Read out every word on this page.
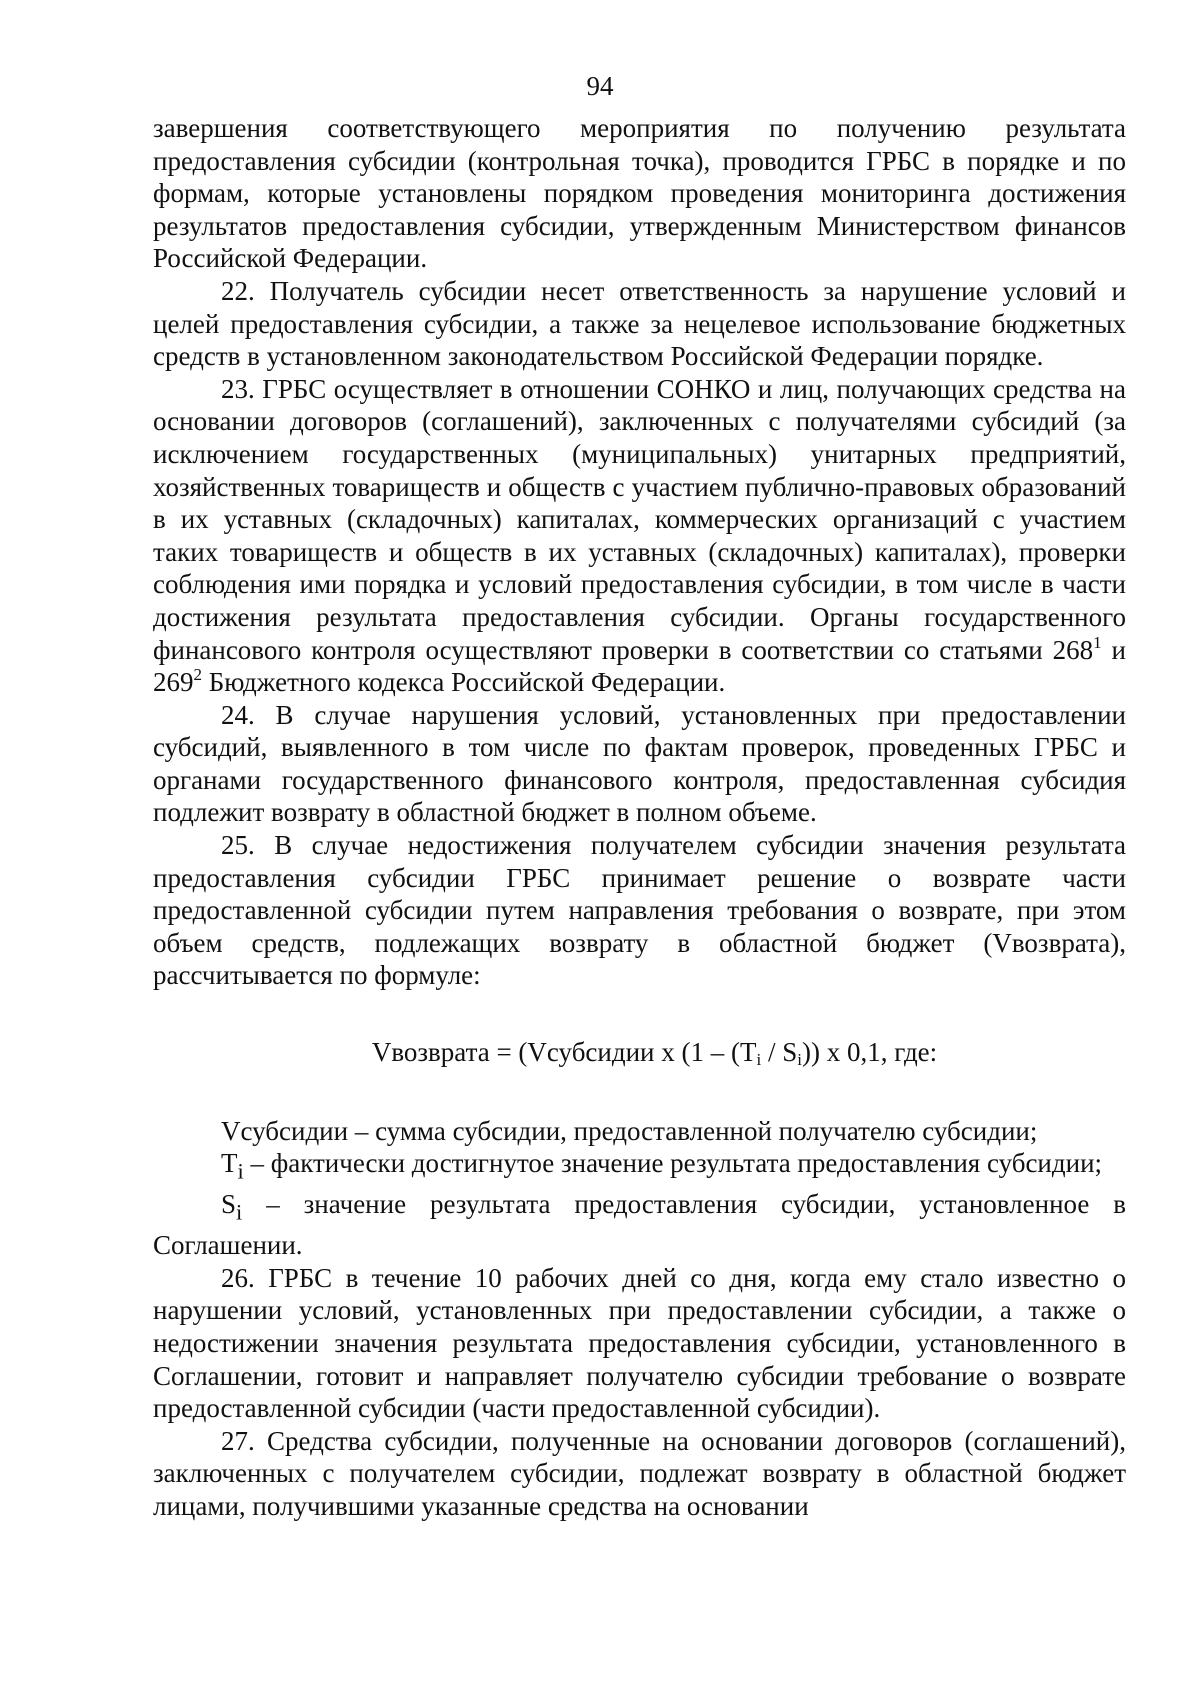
94

завершения соответствующего мероприятия по получению результата предоставления субсидии (контрольная точка), проводится ГРБС в порядке и по формам, которые установлены порядком проведения мониторинга достижения результатов предоставления субсидии, утвержденным Министерством финансов Российской Федерации.

22. Получатель субсидии несет ответственность за нарушение условий и целей предоставления субсидии, а также за нецелевое использование бюджетных средств в установленном законодательством Российской Федерации порядке.

23. ГРБС осуществляет в отношении СОНКО и лиц, получающих средства на основании договоров (соглашений), заключенных с получателями субсидий (за исключением государственных (муниципальных) унитарных предприятий, хозяйственных товариществ и обществ с участием публично-правовых образований в их уставных (складочных) капиталах, коммерческих организаций с участием таких товариществ и обществ в их уставных (складочных) капиталах), проверки соблюдения ими порядка и условий предоставления субсидии, в том числе в части достижения результата предоставления субсидии. Органы государственного финансового контроля осуществляют проверки в соответствии со статьями $268^1$ и $269^2$ Бюджетного кодекса Российской Федерации.

24. В случае нарушения условий, установленных при предоставлении субсидий, выявленного в том числе по фактам проверок, проведенных ГРБС и органами государственного финансового контроля, предоставленная субсидия подлежит возврату в областной бюджет в полном объеме.

25. В случае недостижения получателем субсидии значения результата предоставления субсидии ГРБС принимает решение о возврате части предоставленной субсидии путем направления требования о возврате, при этом объем средств, подлежащих возврату в областной бюджет (Vвозврата), рассчитывается по формуле:

Vвозврата = (Vсубсидии x $(1 - (T_i / S_i))$ x 0,1, где:

Vсубсидии – сумма субсидии, предоставленной получателю субсидии;

$T_i$ – фактически достигнутое значение результата предоставления субсидии;

$S_i$ – значение результата предоставления субсидии, установленное в Соглашении.

26. ГРБС в течение 10 рабочих дней со дня, когда ему стало известно о нарушении условий, установленных при предоставлении субсидии, а также о недостижении значения результата предоставления субсидии, установленного в Соглашении, готовит и направляет получателю субсидии требование о возврате предоставленной субсидии (части предоставленной субсидии).

27. Средства субсидии, полученные на основании договоров (соглашений), заключенных с получателем субсидии, подлежат возврату в областной бюджет лицами, получившими указанные средства на основании
